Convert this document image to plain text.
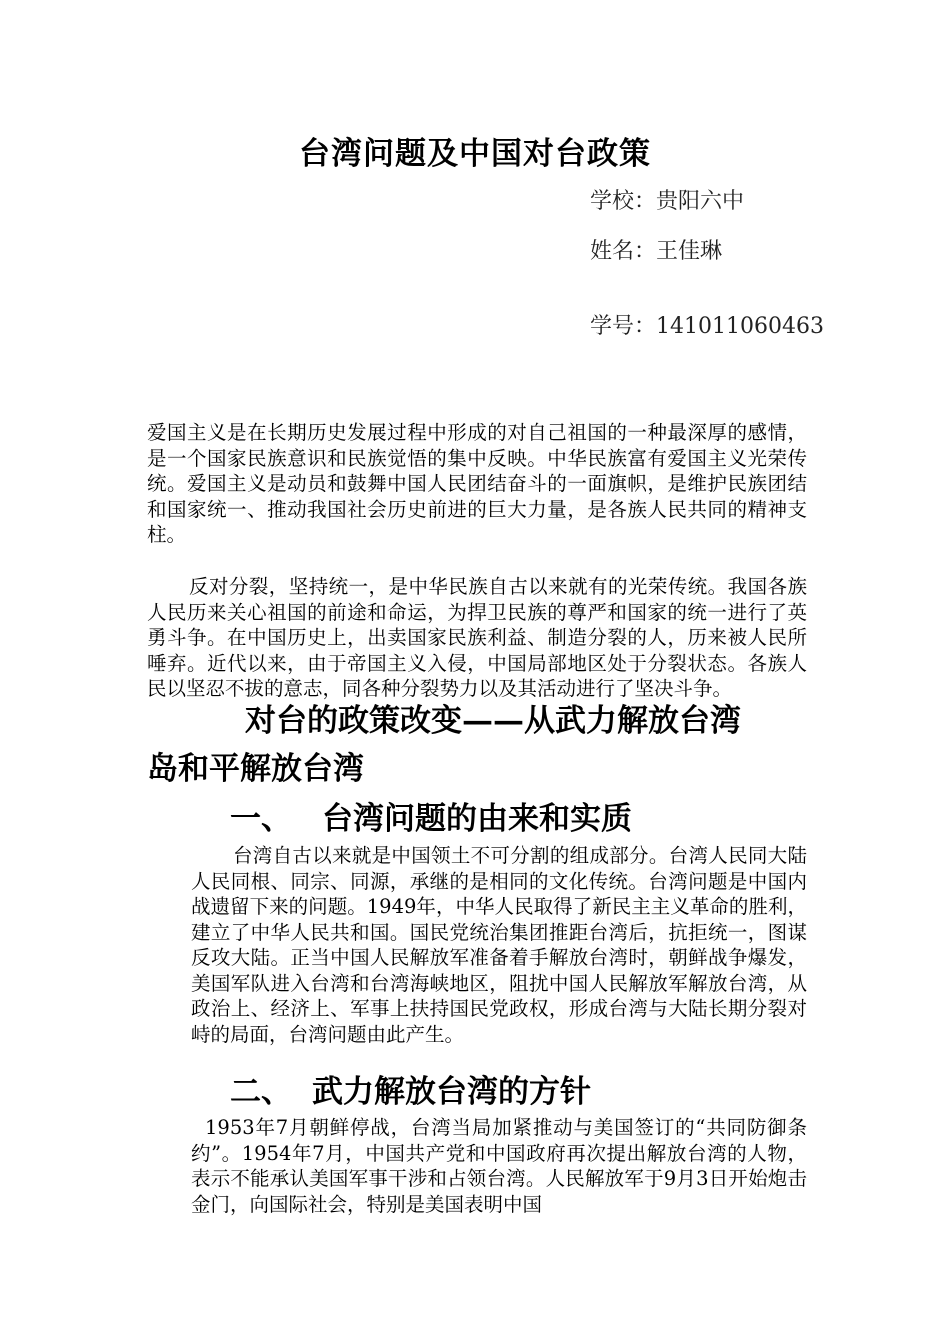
台湾问题及中国对台政策

学校：贵阳六中

姓名：王佳琳

学号：141011060463

爱国主义是在长期历史发展过程中形成的对自己祖国的一种最深厚的感情，是一个国家民族意识和民族觉悟的集中反映。中华民族富有爱国主义光荣传统。爱国主义是动员和鼓舞中国人民团结奋斗的一面旗帜，是维护民族团结和国家统一、推动我国社会历史前进的巨大力量，是各族人民共同的精神支柱。

反对分裂，坚持统一，是中华民族自古以来就有的光荣传统。我国各族人民历来关心祖国的前途和命运，为捍卫民族的尊严和国家的统一进行了英勇斗争。在中国历史上，出卖国家民族利益、制造分裂的人，历来被人民所唾弃。近代以来，由于帝国主义入侵，中国局部地区处于分裂状态。各族人民以坚忍不拔的意志，同各种分裂势力以及其活动进行了坚决斗争。

对台的政策改变——从武力解放台湾
岛和平解放台湾
一、 台湾问题的由来和实质

台湾自古以来就是中国领土不可分割的组成部分。台湾人民同大陆人民同根、同宗、同源，承继的是相同的文化传统。台湾问题是中国内战遗留下来的问题。1949年，中华人民取得了新民主主义革命的胜利，建立了中华人民共和国。国民党统治集团推距台湾后，抗拒统一，图谋反攻大陆。正当中国人民解放军准备着手解放台湾时，朝鲜战争爆发，美国军队进入台湾和台湾海峡地区，阻扰中国人民解放军解放台湾，从政治上、经济上、军事上扶持国民党政权，形成台湾与大陆长期分裂对峙的局面，台湾问题由此产生。

二、 武力解放台湾的方针

1953年7月朝鲜停战，台湾当局加紧推动与美国签订的“共同防御条约”。1954年7月，中国共产党和中国政府再次提出解放台湾的人物，表示不能承认美国军事干涉和占领台湾。人民解放军于9月3日开始炮击金门，向国际社会，特别是美国表明中国
